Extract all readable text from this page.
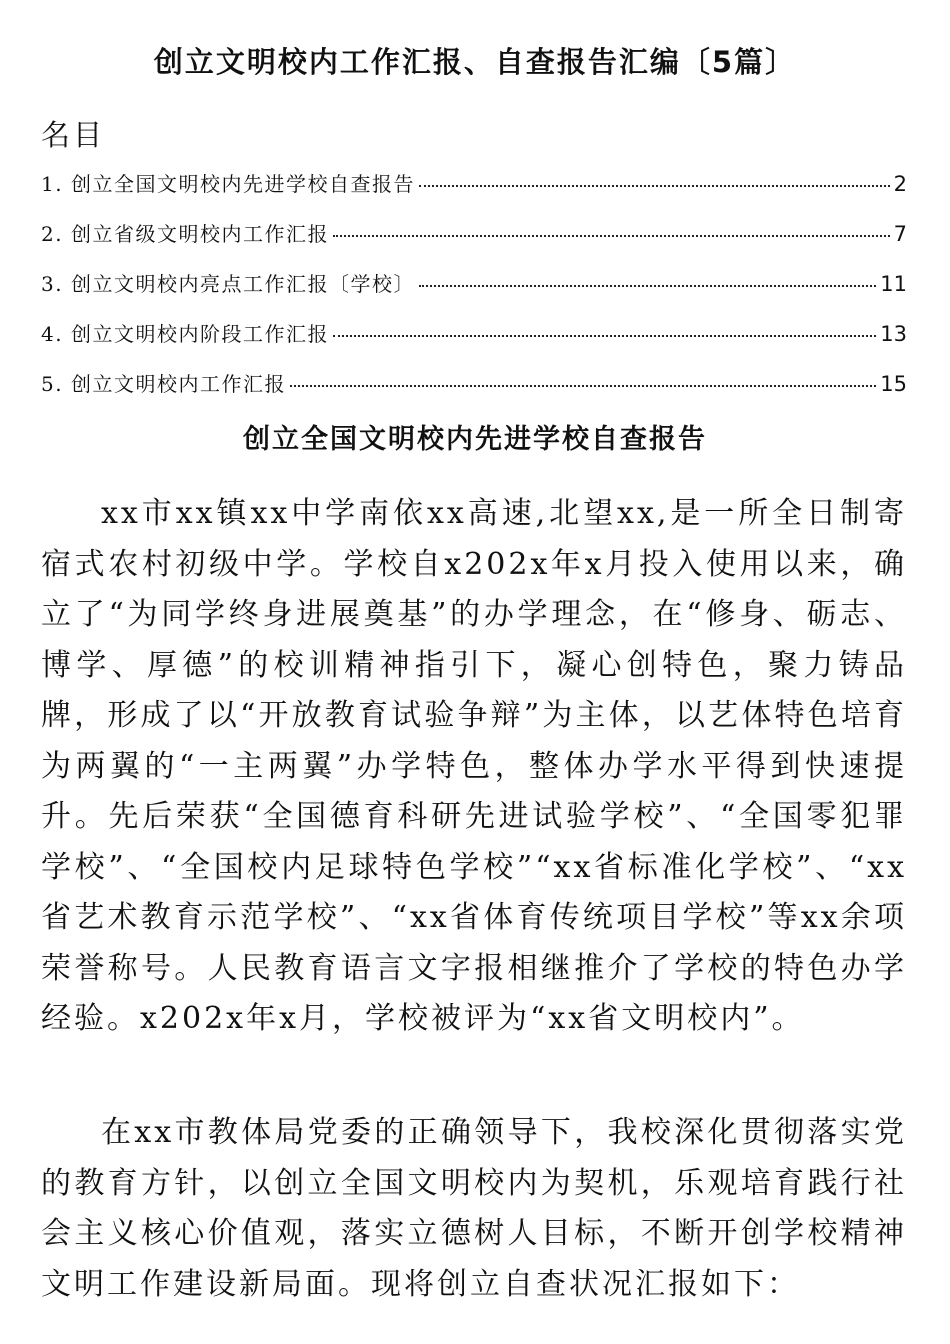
创立文明校内工作汇报、自查报告汇编〔5篇〕
名目
1. 创立全国文明校内先进学校自查报告	2
2. 创立省级文明校内工作汇报	7
3. 创立文明校内亮点工作汇报〔学校〕	11
4. 创立文明校内阶段工作汇报	13
5. 创立文明校内工作汇报	15
创立全国文明校内先进学校自查报告

xx市xx镇xx中学南依xx高速,北望xx,是一所全日制寄宿式农村初级中学。学校自x202x年x月投入使用以来，确立了“为同学终身进展奠基”的办学理念，在“修身、砺志、博学、厚德”的校训精神指引下，凝心创特色，聚力铸品牌，形成了以“开放教育试验争辩”为主体，以艺体特色培育为两翼的“一主两翼”办学特色，整体办学水平得到快速提升。先后荣获“全国德育科研先进试验学校”、“全国零犯罪学校”、“全国校内足球特色学校”“xx省标准化学校”、“xx省艺术教育示范学校”、“xx省体育传统项目学校”等xx余项荣誉称号。人民教育语言文字报相继推介了学校的特色办学经验。x202x年x月，学校被评为“xx省文明校内”。

在xx市教体局党委的正确领导下，我校深化贯彻落实党的教育方针，以创立全国文明校内为契机，乐观培育践行社会主义核心价值观，落实立德树人目标，不断开创学校精神文明工作建设新局面。现将创立自查状况汇报如下：
